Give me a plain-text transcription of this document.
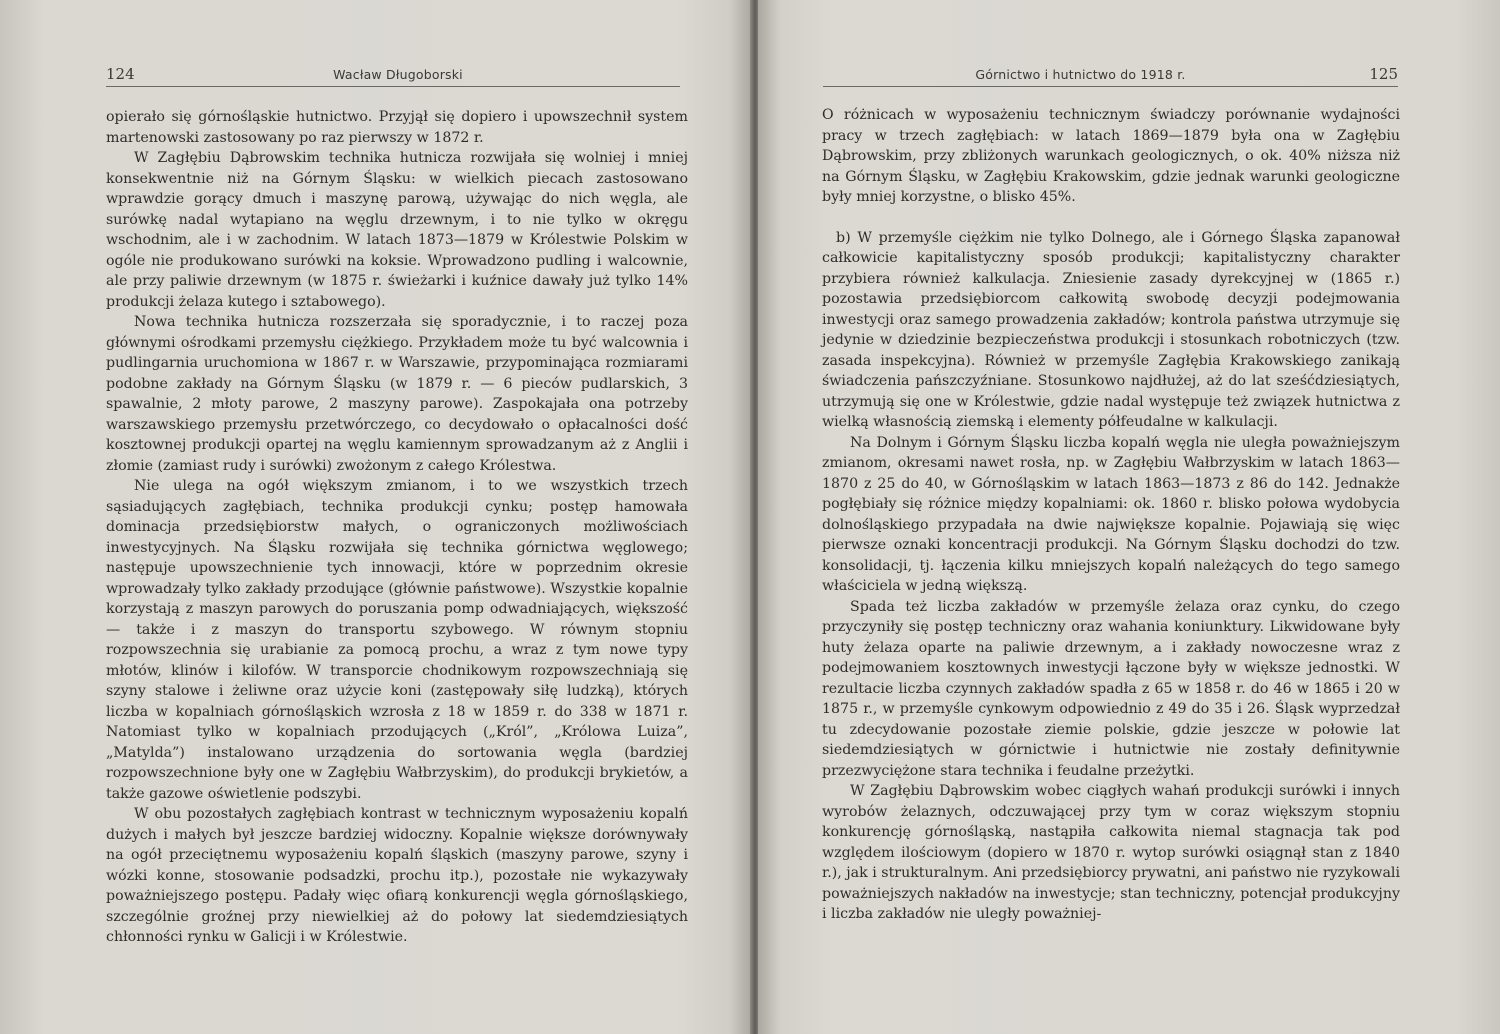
124	Wacław Długoborski

opierało się górnośląskie hutnictwo. Przyjął się dopiero i upowszechnił system martenowski zastosowany po raz pierwszy w 1872 r.

W Zagłębiu Dąbrowskim technika hutnicza rozwijała się wolniej i mniej konsekwentnie niż na Górnym Śląsku: w wielkich piecach zastosowano wprawdzie gorący dmuch i maszynę parową, używając do nich węgla, ale surówkę nadal wytapiano na węglu drzewnym, i to nie tylko w okręgu wschodnim, ale i w zachodnim. W latach 1873—1879 w Królestwie Polskim w ogóle nie produkowano surówki na koksie. Wprowadzono pudling i walcownie, ale przy paliwie drzewnym (w 1875 r. świeżarki i kuźnice dawały już tylko 14% produkcji żelaza kutego i sztabowego).

Nowa technika hutnicza rozszerzała się sporadycznie, i to raczej poza głównymi ośrodkami przemysłu ciężkiego. Przykładem może tu być walcownia i pudlingarnia uruchomiona w 1867 r. w Warszawie, przypominająca rozmiarami podobne zakłady na Górnym Śląsku (w 1879 r. — 6 pieców pudlarskich, 3 spawalnie, 2 młoty parowe, 2 maszyny parowe). Zaspokajała ona potrzeby warszawskiego przemysłu przetwórczego, co decydowało o opłacalności dość kosztownej produkcji opartej na węglu kamiennym sprowadzanym aż z Anglii i złomie (zamiast rudy i surówki) zwożonym z całego Królestwa.

Nie ulega na ogół większym zmianom, i to we wszystkich trzech sąsiadujących zagłębiach, technika produkcji cynku; postęp hamowała dominacja przedsiębiorstw małych, o ograniczonych możliwościach inwestycyjnych. Na Śląsku rozwijała się technika górnictwa węglowego; następuje upowszechnienie tych innowacji, które w poprzednim okresie wprowadzały tylko zakłady przodujące (głównie państwowe). Wszystkie kopalnie korzystają z maszyn parowych do poruszania pomp odwadniających, większość — także i z maszyn do transportu szybowego. W równym stopniu rozpowszechnia się urabianie za pomocą prochu, a wraz z tym nowe typy młotów, klinów i kilofów. W transporcie chodnikowym rozpowszechniają się szyny stalowe i żeliwne oraz użycie koni (zastępowały siłę ludzką), których liczba w kopalniach górnośląskich wzrosła z 18 w 1859 r. do 338 w 1871 r. Natomiast tylko w kopalniach przodujących („Król”, „Królowa Luiza”, „Matylda”) instalowano urządzenia do sortowania węgla (bardziej rozpowszechnione były one w Zagłębiu Wałbrzyskim), do produkcji brykietów, a także gazowe oświetlenie podszybi.

W obu pozostałych zagłębiach kontrast w technicznym wyposażeniu kopalń dużych i małych był jeszcze bardziej widoczny. Kopalnie większe dorównywały na ogół przeciętnemu wyposażeniu kopalń śląskich (maszyny parowe, szyny i wózki konne, stosowanie podsadzki, prochu itp.), pozostałe nie wykazywały poważniejszego postępu. Padały więc ofiarą konkurencji węgla górnośląskiego, szczególnie groźnej przy niewielkiej aż do połowy lat siedemdziesiątych chłonności rynku w Galicji i w Królestwie.

Górnictwo i hutnictwo do 1918 r.	125

O różnicach w wyposażeniu technicznym świadczy porównanie wydajności pracy w trzech zagłębiach: w latach 1869—1879 była ona w Zagłębiu Dąbrowskim, przy zbliżonych warunkach geologicznych, o ok. 40% niższa niż na Górnym Śląsku, w Zagłębiu Krakowskim, gdzie jednak warunki geologiczne były mniej korzystne, o blisko 45%.

b) W przemyśle ciężkim nie tylko Dolnego, ale i Górnego Śląska zapanował całkowicie kapitalistyczny sposób produkcji; kapitalistyczny charakter przybiera również kalkulacja. Zniesienie zasady dyrekcyjnej w (1865 r.) pozostawia przedsiębiorcom całkowitą swobodę decyzji podejmowania inwestycji oraz samego prowadzenia zakładów; kontrola państwa utrzymuje się jedynie w dziedzinie bezpieczeństwa produkcji i stosunkach robotniczych (tzw. zasada inspekcyjna). Również w przemyśle Zagłębia Krakowskiego zanikają świadczenia pańszczyźniane. Stosunkowo najdłużej, aż do lat sześćdziesiątych, utrzymują się one w Królestwie, gdzie nadal występuje też związek hutnictwa z wielką własnością ziemską i elementy półfeudalne w kalkulacji.

Na Dolnym i Górnym Śląsku liczba kopalń węgla nie uległa poważniejszym zmianom, okresami nawet rosła, np. w Zagłębiu Wałbrzyskim w latach 1863—1870 z 25 do 40, w Górnośląskim w latach 1863—1873 z 86 do 142. Jednakże pogłębiały się różnice między kopalniami: ok. 1860 r. blisko połowa wydobycia dolnośląskiego przypadała na dwie największe kopalnie. Pojawiają się więc pierwsze oznaki koncentracji produkcji. Na Górnym Śląsku dochodzi do tzw. konsolidacji, tj. łączenia kilku mniejszych kopalń należących do tego samego właściciela w jedną większą.

Spada też liczba zakładów w przemyśle żelaza oraz cynku, do czego przyczyniły się postęp techniczny oraz wahania koniunktury. Likwidowane były huty żelaza oparte na paliwie drzewnym, a i zakłady nowoczesne wraz z podejmowaniem kosztownych inwestycji łączone były w większe jednostki. W rezultacie liczba czynnych zakładów spadła z 65 w 1858 r. do 46 w 1865 i 20 w 1875 r., w przemyśle cynkowym odpowiednio z 49 do 35 i 26. Śląsk wyprzedzał tu zdecydowanie pozostałe ziemie polskie, gdzie jeszcze w połowie lat siedemdziesiątych w górnictwie i hutnictwie nie zostały definitywnie przezwyciężone stara technika i feudalne przeżytki.

W Zagłębiu Dąbrowskim wobec ciągłych wahań produkcji surówki i innych wyrobów żelaznych, odczuwającej przy tym w coraz większym stopniu konkurencję górnośląską, nastąpiła całkowita niemal stagnacja tak pod względem ilościowym (dopiero w 1870 r. wytop surówki osiągnął stan z 1840 r.), jak i strukturalnym. Ani przedsiębiorcy prywatni, ani państwo nie ryzykowali poważniejszych nakładów na inwestycje; stan techniczny, potencjał produkcyjny i liczba zakładów nie uległy poważniej-
